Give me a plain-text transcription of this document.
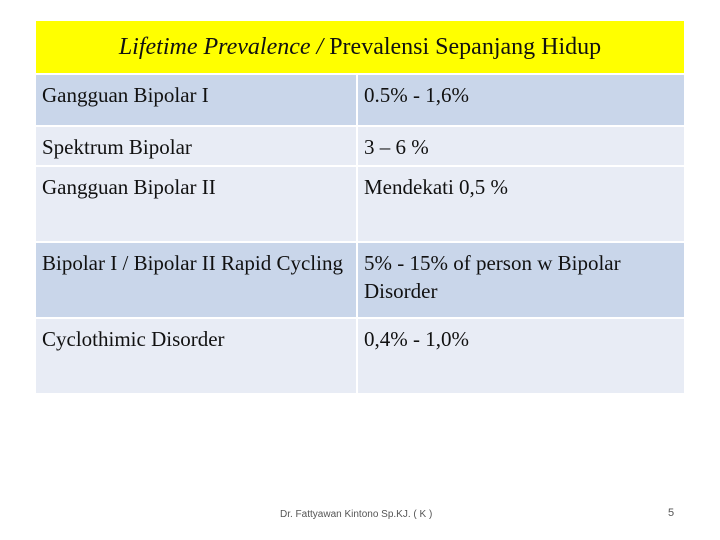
Lifetime Prevalence / Prevalensi Sepanjang Hidup
Gangguan Bipolar I	0.5% - 1,6%
Spektrum Bipolar	3 – 6 %
Gangguan Bipolar II	Mendekati 0,5 %
Bipolar I / Bipolar II Rapid Cycling	5% - 15% of person w Bipolar Disorder
Cyclothimic Disorder	0,4% - 1,0%
Dr. Fattyawan Kintono Sp.KJ. ( K )	5
